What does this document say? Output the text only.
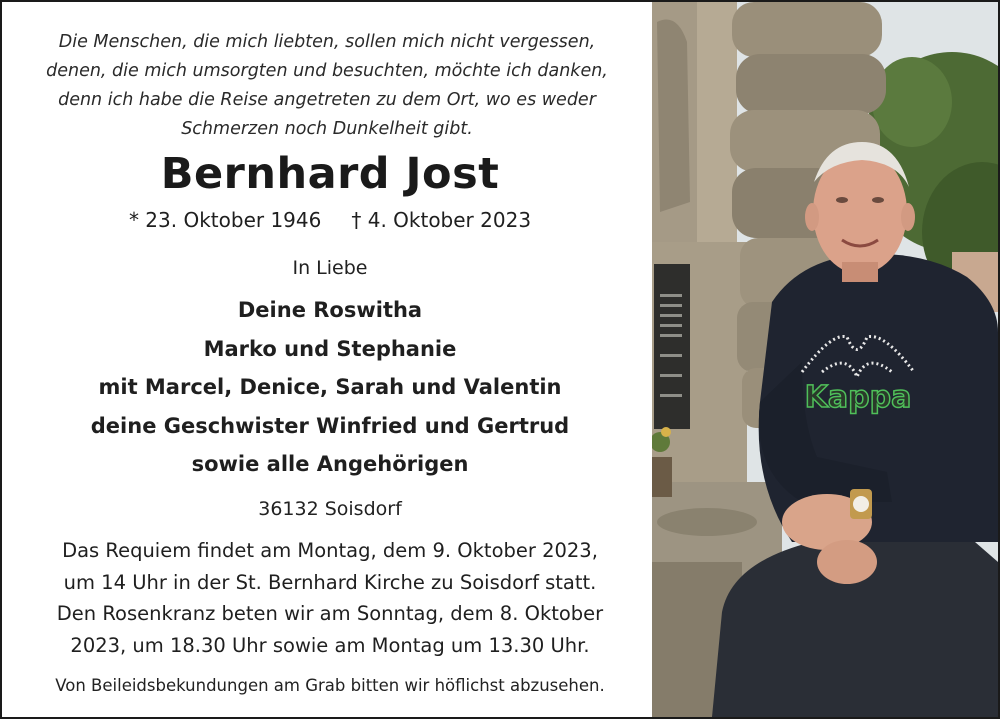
Die Menschen, die mich liebten, sollen mich nicht vergessen,
denen, die mich umsorgten und besuchten, möchte ich danken,
denn ich habe die Reise angetreten zu dem Ort, wo es weder
Schmerzen noch Dunkelheit gibt.

Bernhard Jost
* 23. Oktober 1946 † 4. Oktober 2023
In Liebe
Deine Roswitha
Marko und Stephanie
mit Marcel, Denice, Sarah und Valentin
deine Geschwister Winfried und Gertrud
sowie alle Angehörigen
36132 Soisdorf

Das Requiem findet am Montag, dem 9. Oktober 2023,
um 14 Uhr in der St. Bernhard Kirche zu Soisdorf statt.
Den Rosenkranz beten wir am Sonntag, dem 8. Oktober
2023, um 18.30 Uhr sowie am Montag um 13.30 Uhr.

Von Beileidsbekundungen am Grab bitten wir höflichst abzusehen.
Kappa
